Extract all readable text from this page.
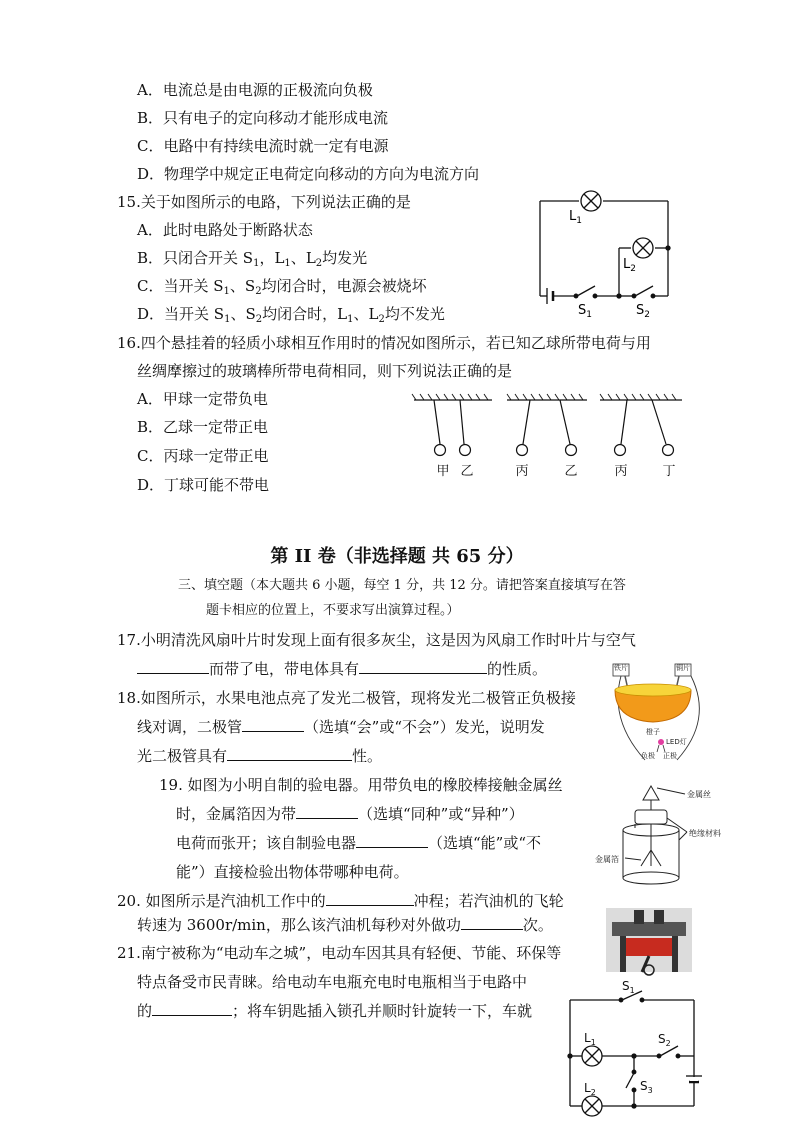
A．电流总是由电源的正极流向负极
B．只有电子的定向移动才能形成电流
C．电路中有持续电流时就一定有电源
D．物理学中规定正电荷定向移动的方向为电流方向
15.关于如图所示的电路，下列说法正确的是
A．此时电路处于断路状态
B．只闭合开关 $S_1$，$L_1$、$L_2$均发光
C．当开关 $S_1$、$S_2$均闭合时，电源会被烧坏
D．当开关 $S_1$、$S_2$均闭合时，$L_1$、$L_2$均不发光
$L_1$
$L_2$
$S_1$	$S_2$
16.四个悬挂着的轻质小球相互作用时的情况如图所示，若已知乙球所带电荷与用
丝绸摩擦过的玻璃棒所带电荷相同，则下列说法正确的是
A．甲球一定带负电
B．乙球一定带正电
C．丙球一定带正电
D．丁球可能不带电
甲 乙	丙	乙	丙	丁
第 II 卷（非选择题 共 65 分）
三、填空题（本大题共 6 小题，每空 1 分，共 12 分。请把答案直接填写在答
题卡相应的位置上，不要求写出演算过程。）
17.小明清洗风扇叶片时发现上面有很多灰尘，这是因为风扇工作时叶片与空气
而带了电，带电体具有	的性质。
18.如图所示，水果电池点亮了发光二极管，现将发光二极管正负极接
线对调，二极管	（选填“会”或“不会”）发光，说明发
光二极管具有	性。
铁片	铜片
橙子
LED灯
负极 正极
19. 如图为小明自制的验电器。用带负电的橡胶棒接触金属丝
时，金属箔因为带	（选填“同种”或“异种”）
电荷而张开；该自制验电器	（选填“能”或“不
能”）直接检验出物体带哪种电荷。
金属丝
绝缘材料
金属箔
20. 如图所示是汽油机工作中的	冲程；若汽油机的飞轮
转速为 3600r/min，那么该汽油机每秒对外做功	次。
21.南宁被称为“电动车之城”，电动车因其具有轻便、节能、环保等
特点备受市民青睐。给电动车电瓶充电时电瓶相当于电路中
的	；将车钥匙插入锁孔并顺时针旋转一下，车就
$S_1$
$L_1$	$S_2$
$S_3$
$L_2$
